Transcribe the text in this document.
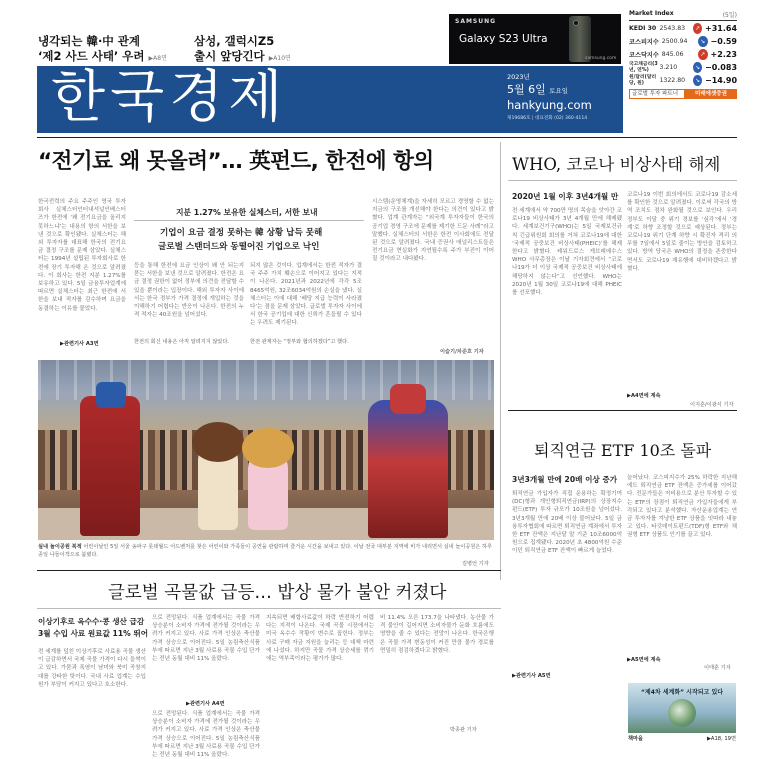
냉각되는 韓·中 관계
‘제2 사드 사태’ 우려 ▶A8면
삼성, 갤럭시Z5
출시 앞당긴다 ▶A10면
SAMSUNG
Galaxy S23 Ultra
samsung.com
Market Index	(5일)
KEDI 30 2543.83	↗ +31.64
코스피지수 2500.94	↘ −0.59
코스닥지수 845.06	↗ +2.23
국고채금리(3년, 연%)	3.210	↘ −0.083
원/달러(달러당, 원)	1322.80	↘ −14.90
글로벌 투자 파트너	미래에셋증권
한국경제	2023년
5월 6일 토요일
hankyung.com
제19686호 | 대표전화 (02) 360-4114
“전기료 왜 못올려”… 英펀드, 한전에 항의
한국전력의 주요 주주인 영국 투자회사 실체스터인터내셔널인베스터즈가 한전에 ‘왜 전기요금을 올리지 못하느냐’는 내용의 항의 서한을 보낸 것으로 확인됐다. 실체스터는 해외 투자자를 대표해 한국의 전기요금 결정 구조를 문제 삼았다. 실체스터는 1994년 설립된 투자회사로 한전에 장기 투자해 온 것으로 알려졌다. 이 회사는 한전 지분 1.27%를 보유하고 있다. 5일 금융투자업계에 따르면 실체스터는 최근 한전에 서한을 보내 적자를 감수하며 요금을 동결하는 이유를 물었다.
▶관련기사 A3면
지분 1.27% 보유한 실체스터, 서한 보내
기업이 요금 결정 못하는 韓 상황 납득 못해
글로벌 스탠더드와 동떨어진 기업으로 낙인
등을 통해 한전에 요금 인상이 왜 안 되는지 묻는 서한을 보낸 것으로 알려졌다. 한전은 요금 결정 권한이 없어 정부에 의견을 전달할 수 있을 뿐이라는 입장이다. 해외 투자자 사이에서는 한국 정부가 가격 결정에 개입하는 것을 이해하기 어렵다는 반응이 나온다. 한전의 누적 적자는 40조원을 넘어섰다.
한전의 회신 내용은 아직 알려지지 않았다.
되지 않은 것이다. 업계에서는 한전 적자가 결국 주주 가치 훼손으로 이어지고 있다는 지적이 나온다. 2021년과 2022년에 각각 5조8465억원, 32조6034억원의 손실을 냈다. 실체스터는 이에 대해 ‘배당 지급 능력이 사라졌다’는 점을 문제 삼았다. 글로벌 투자자 사이에서 한국 공기업에 대한 신뢰가 흔들릴 수 있다는 우려도 제기된다.
한전 관계자는 “정부와 협의하겠다”고 했다.
시스템(운영체계)을 자세히 모르고 경영할 수 없는 지금의 구조를 개선해야 한다는 의견이 있다고 밝혔다. 업계 관계자는 “외국계 투자자들이 한국의 공기업 경영 구조에 문제를 제기한 드문 사례”라고 말했다. 실체스터의 서한은 한전 이사회에도 전달된 것으로 알려졌다. 국내 증권사 애널리스트들은 전기요금 현실화가 지연될수록 주가 부진이 이어질 것이라고 내다봤다.
이슬기/차준호 기자
실내 놀이공원 북적 어린이날인 5일 서울 송파구 롯데월드 어드벤처를 찾은 어린이와 가족들이 공연을 관람하며 즐거운 시간을 보내고 있다. 이날 전국 대부분 지역에 비가 내리면서 실내 놀이공원은 하루 종일 나들이객으로 붐볐다.
김병언 기자
WHO, 코로나 비상사태 해제
2020년 1월 이후 3년4개월 만
전 세계에서 약 700만 명의 목숨을 앗아간 코로나19 비상사태가 3년 4개월 만에 해제됐다. 세계보건기구(WHO)는 5일 국제보건규칙 긴급위원회 회의를 거쳐 코로나19에 대한 ‘국제적 공중보건 비상사태(PHEIC)’를 해제한다고 밝혔다. 테워드로스 게브레예수스 WHO 사무총장은 이날 기자회견에서 “코로나19가 더 이상 국제적 공중보건 비상사태에 해당하지 않는다”고 선언했다. WHO는 2020년 1월 30일 코로나19에 대해 PHEIC를 선포했다.
코로나19 이번 회의에서도 코로나19 감소세를 확인한 것으로 알려졌다. 이로써 각국의 방역 조치도 점차 완화될 것으로 보인다. 우리 정부도 이달 중 위기 경보를 ‘심각’에서 ‘경계’로 하향 조정할 것으로 예상된다. 정부는 코로나19 위기 단계 하향 시 확진자 격리 의무를 7일에서 5일로 줄이는 방안을 검토하고 있다. 방역 당국은 WHO의 결정을 존중한다면서도 코로나19 재유행에 대비하겠다고 밝혔다.
▶A4면에 계속
이지훈/이광식 기자
퇴직연금 ETF 10조 돌파
3년3개월 만에 20배 이상 증가
퇴직연금 가입자가 직접 운용하는 확정기여(DC)형과 개인형퇴직연금(IRP)의 상장지수펀드(ETF) 투자 규모가 10조원을 넘어섰다. 3년3개월 만에 20배 이상 불어났다. 5일 금융투자협회에 따르면 퇴직연금 계좌에서 투자한 ETF 잔액은 지난달 말 기준 10조6000억원으로 집계됐다. 2020년 초 4800억원 수준이던 퇴직연금 ETF 잔액이 빠르게 늘었다.
▶관련기사 A5면
늘어났다. 코스피지수가 25% 하락한 지난해에도 퇴직연금 ETF 잔액은 증가세를 이어갔다. 전문가들은 저비용으로 분산 투자할 수 있는 ETF의 장점이 퇴직연금 가입자들에게 부각되고 있다고 분석했다. 자산운용업계는 연금 투자자를 겨냥한 ETF 상품을 잇따라 내놓고 있다. 타깃데이트펀드(TDF)형 ETF와 채권형 ETF 상품도 인기를 끌고 있다.
▶A5면에 계속
이태훈 기자
글로벌 곡물값 급등… 밥상 물가 불안 커졌다
이상기후로 옥수수·콩 생산 급감
3월 수입 사료 원료값 11% 뛰어
전 세계를 덮친 이상기후로 사료용 곡물 생산이 급감하면서 국제 곡물 가격이 다시 들썩이고 있다. 가뭄과 폭염이 남미와 북미 곡창지대를 강타한 탓이다. 국내 사료 업계는 수입 원가 부담이 커지고 있다고 호소한다.
으로 전망된다. 식품 업계에서는 곡물 가격 상승분이 소비자 가격에 전가될 것이라는 우려가 커지고 있다. 사료 가격 인상은 축산물 가격 상승으로 이어진다. 5일 농림축산식품부에 따르면 지난 3월 사료용 곡물 수입 단가는 전년 동월 대비 11% 올랐다.
▶관련기사 A4면
으로 전망된다. 식품 업계에서는 곡물 가격 상승분이 소비자 가격에 전가될 것이라는 우려가 커지고 있다. 사료 가격 인상은 축산물 가격 상승으로 이어진다. 5일 농림축산식품부에 따르면 지난 3월 사료용 곡물 수입 단가는 전년 동월 대비 11% 올랐다.
지속되면 배합사료값이 하락 반전하기 어렵다는 지적이 나온다. 국제 곡물 시장에서는 미국 옥수수 작황이 변수로 꼽힌다. 정부는 사료 구매 자금 지원을 늘리는 등 대책 마련에 나섰다. 하지만 곡물 가격 상승세를 꺾기에는 역부족이라는 평가가 많다.
비 11.4% 오른 173.7을 나타냈다. 농산물 가격 불안이 길어지면 소비자물가 둔화 흐름에도 영향을 줄 수 있다는 전망이 나온다. 한국은행은 곡물 가격 변동성이 커진 만큼 물가 경로를 면밀히 점검하겠다고 밝혔다.
박종관 기자
“제4차 세계화” 시작되고 있다
책마을	▶A18, 19면
